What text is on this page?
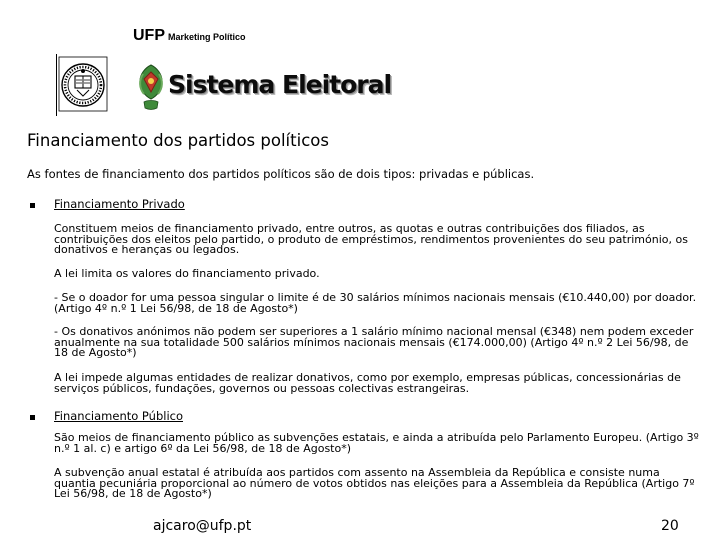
UFP Marketing Político
Sistema Eleitoral
Financiamento dos partidos políticos
As fontes de financiamento dos partidos políticos são de dois tipos: privadas e públicas.
Financiamento Privado

Constituem meios de financiamento privado, entre outros, as quotas e outras contribuições dos filiados, as contribuições dos eleitos pelo partido, o produto de empréstimos, rendimentos provenientes do seu património, os donativos e heranças ou legados.

A lei limita os valores do financiamento privado.

- Se o doador for uma pessoa singular o limite é de 30 salários mínimos nacionais mensais (€10.440,00) por doador. (Artigo 4º n.º 1 Lei 56/98, de 18 de Agosto*)

- Os donativos anónimos não podem ser superiores a 1 salário mínimo nacional mensal (€348) nem podem exceder anualmente na sua totalidade 500 salários mínimos nacionais mensais (€174.000,00) (Artigo 4º n.º 2 Lei 56/98, de 18 de Agosto*)

A lei impede algumas entidades de realizar donativos, como por exemplo, empresas públicas, concessionárias de serviços públicos, fundações, governos ou pessoas colectivas estrangeiras.

Financiamento Público

São meios de financiamento público as subvenções estatais, e ainda a atribuída pelo Parlamento Europeu. (Artigo 3º n.º 1 al. c) e artigo 6º da Lei 56/98, de 18 de Agosto*)

A subvenção anual estatal é atribuída aos partidos com assento na Assembleia da República e consiste numa quantia pecuniária proporcional ao número de votos obtidos nas eleições para a Assembleia da República (Artigo 7º Lei 56/98, de 18 de Agosto*)

ajcaro@ufp.pt	20
